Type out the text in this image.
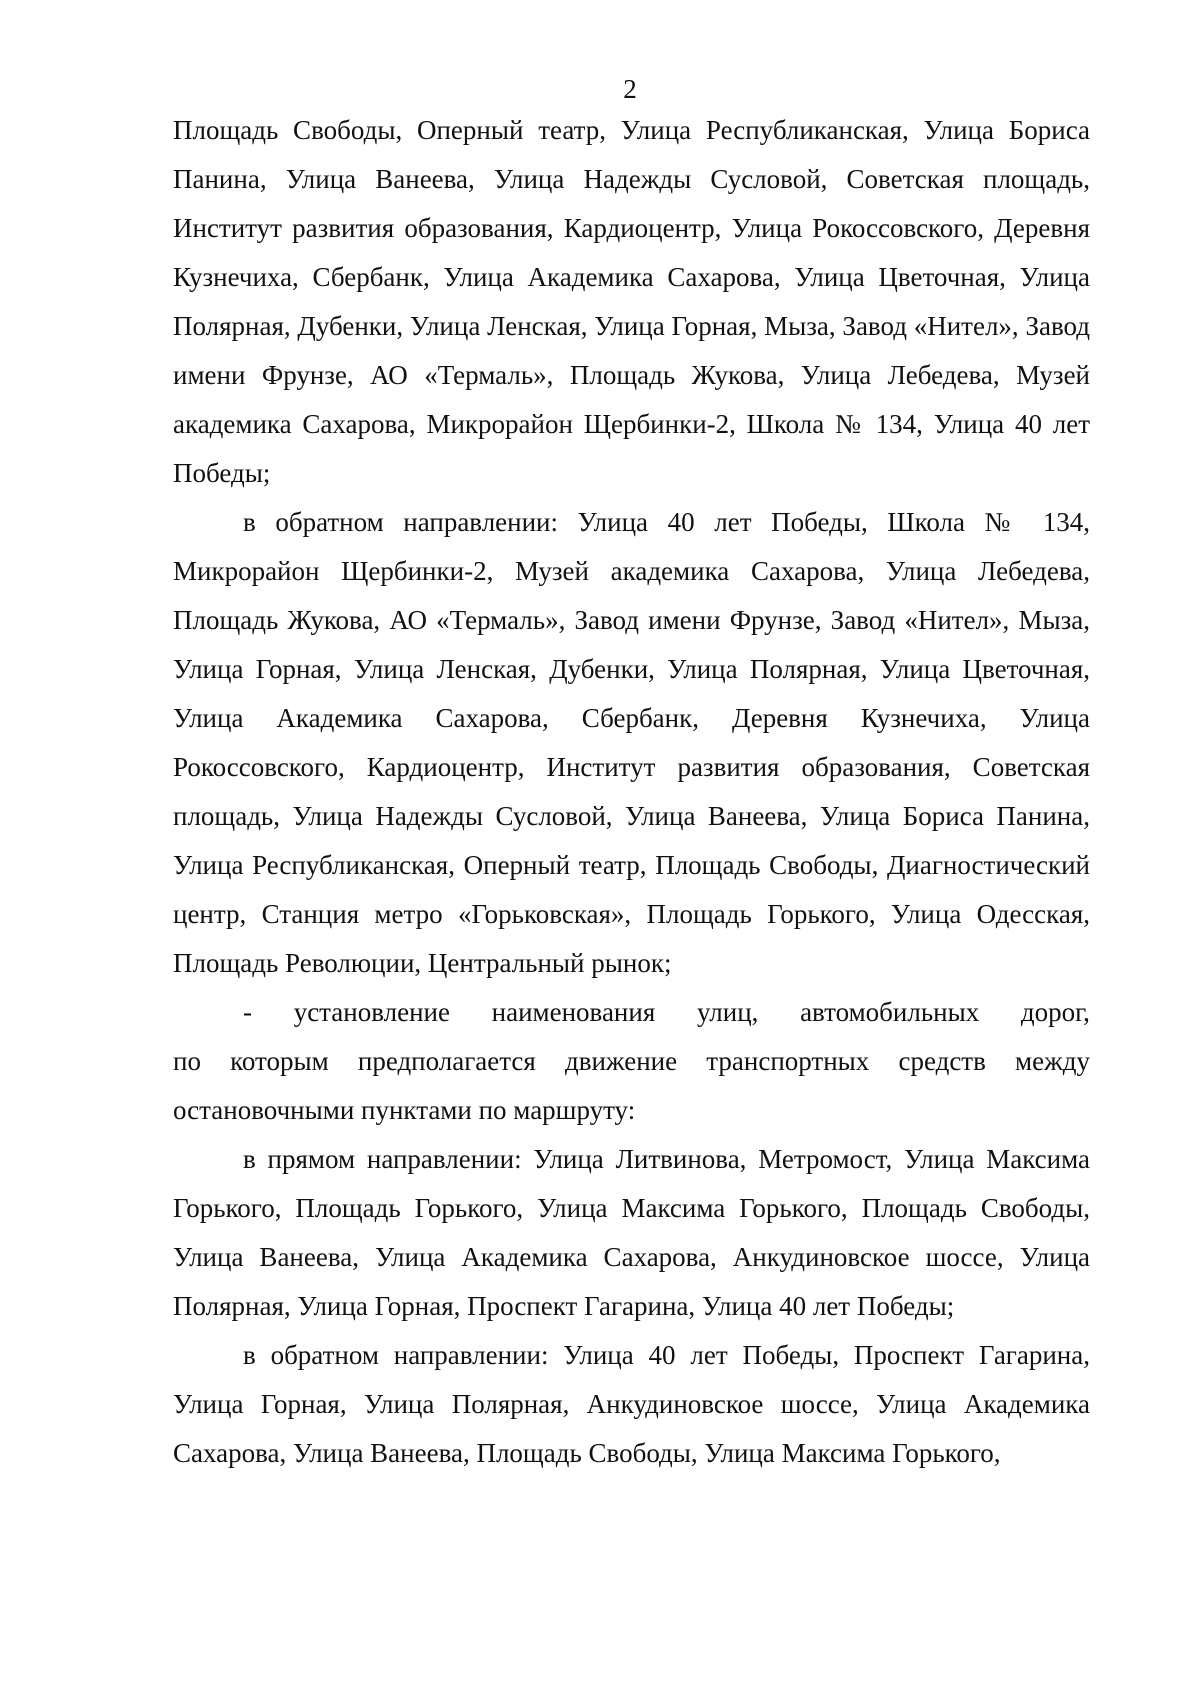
2

Площадь Свободы, Оперный театр, Улица Республиканская, Улица Бориса Панина, Улица Ванеева, Улица Надежды Сусловой, Советская площадь, Институт развития образования, Кардиоцентр, Улица Рокоссовского, Деревня Кузнечиха, Сбербанк, Улица Академика Сахарова, Улица Цветочная, Улица Полярная, Дубенки, Улица Ленская, Улица Горная, Мыза, Завод «Нител», Завод имени Фрунзе, АО «Термаль», Площадь Жукова, Улица Лебедева, Музей академика Сахарова, Микрорайон Щербинки-2, Школа № 134, Улица 40 лет Победы;

в обратном направлении: Улица 40 лет Победы, Школа № 134, Микрорайон Щербинки-2, Музей академика Сахарова, Улица Лебедева, Площадь Жукова, АО «Термаль», Завод имени Фрунзе, Завод «Нител», Мыза, Улица Горная, Улица Ленская, Дубенки, Улица Полярная, Улица Цветочная, Улица Академика Сахарова, Сбербанк, Деревня Кузнечиха, Улица Рокоссовского, Кардиоцентр, Институт развития образования, Советская площадь, Улица Надежды Сусловой, Улица Ванеева, Улица Бориса Панина, Улица Республиканская, Оперный театр, Площадь Свободы, Диагностический центр, Станция метро «Горьковская», Площадь Горького, Улица Одесская, Площадь Революции, Центральный рынок;

- установление наименования улиц, автомобильных дорог,

по которым предполагается движение транспортных средств между остановочными пунктами по маршруту:

в прямом направлении: Улица Литвинова, Метромост, Улица Максима Горького, Площадь Горького, Улица Максима Горького, Площадь Свободы, Улица Ванеева, Улица Академика Сахарова, Анкудиновское шоссе, Улица Полярная, Улица Горная, Проспект Гагарина, Улица 40 лет Победы;

в обратном направлении: Улица 40 лет Победы, Проспект Гагарина, Улица Горная, Улица Полярная, Анкудиновское шоссе, Улица Академика Сахарова, Улица Ванеева, Площадь Свободы, Улица Максима Горького,
